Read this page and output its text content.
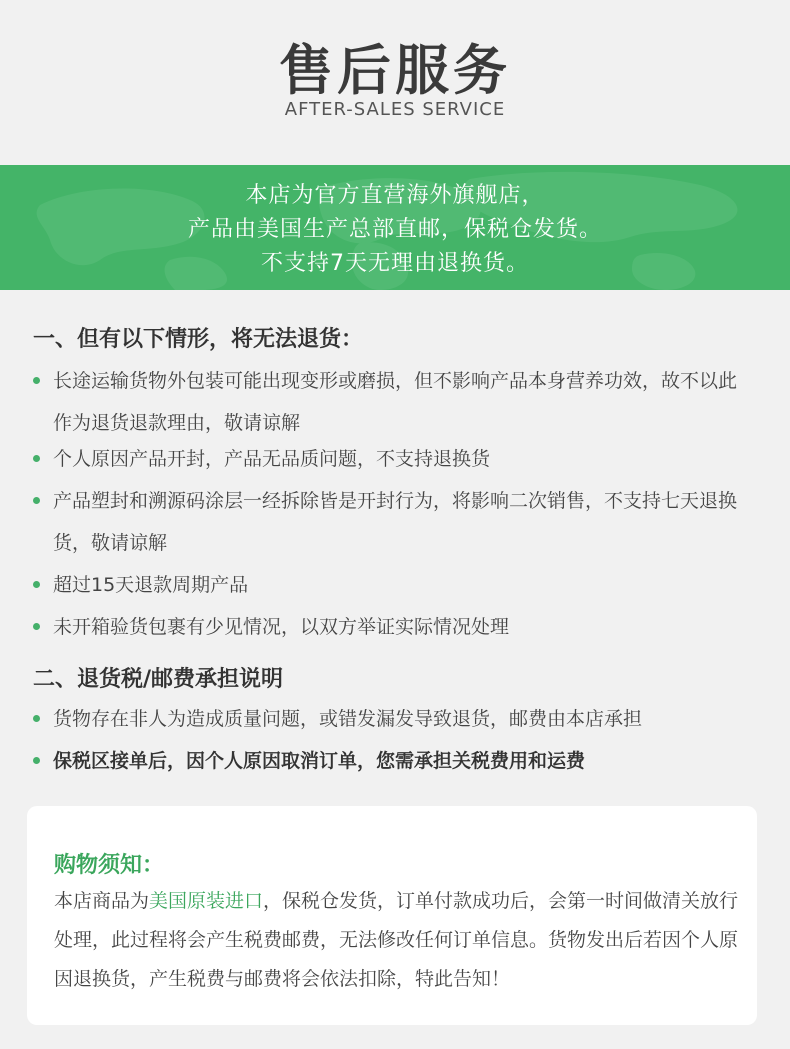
售后服务
AFTER-SALES SERVICE
本店为官方直营海外旗舰店，
产品由美国生产总部直邮，保税仓发货。
不支持7天无理由退换货。
一、但有以下情形，将无法退货：
长途运输货物外包装可能出现变形或磨损，但不影响产品本身营养功效，故不以此作为退货退款理由，敬请谅解
个人原因产品开封，产品无品质问题，不支持退换货
产品塑封和溯源码涂层一经拆除皆是开封行为，将影响二次销售，不支持七天退换货，敬请谅解
超过15天退款周期产品
未开箱验货包裹有少见情况，以双方举证实际情况处理
二、退货税/邮费承担说明
货物存在非人为造成质量问题，或错发漏发导致退货，邮费由本店承担
保税区接单后，因个人原因取消订单，您需承担关税费用和运费
购物须知：
本店商品为美国原装进口，保税仓发货，订单付款成功后，会第一时间做清关放行处理，此过程将会产生税费邮费，无法修改任何订单信息。货物发出后若因个人原因退换货，产生税费与邮费将会依法扣除，特此告知！
